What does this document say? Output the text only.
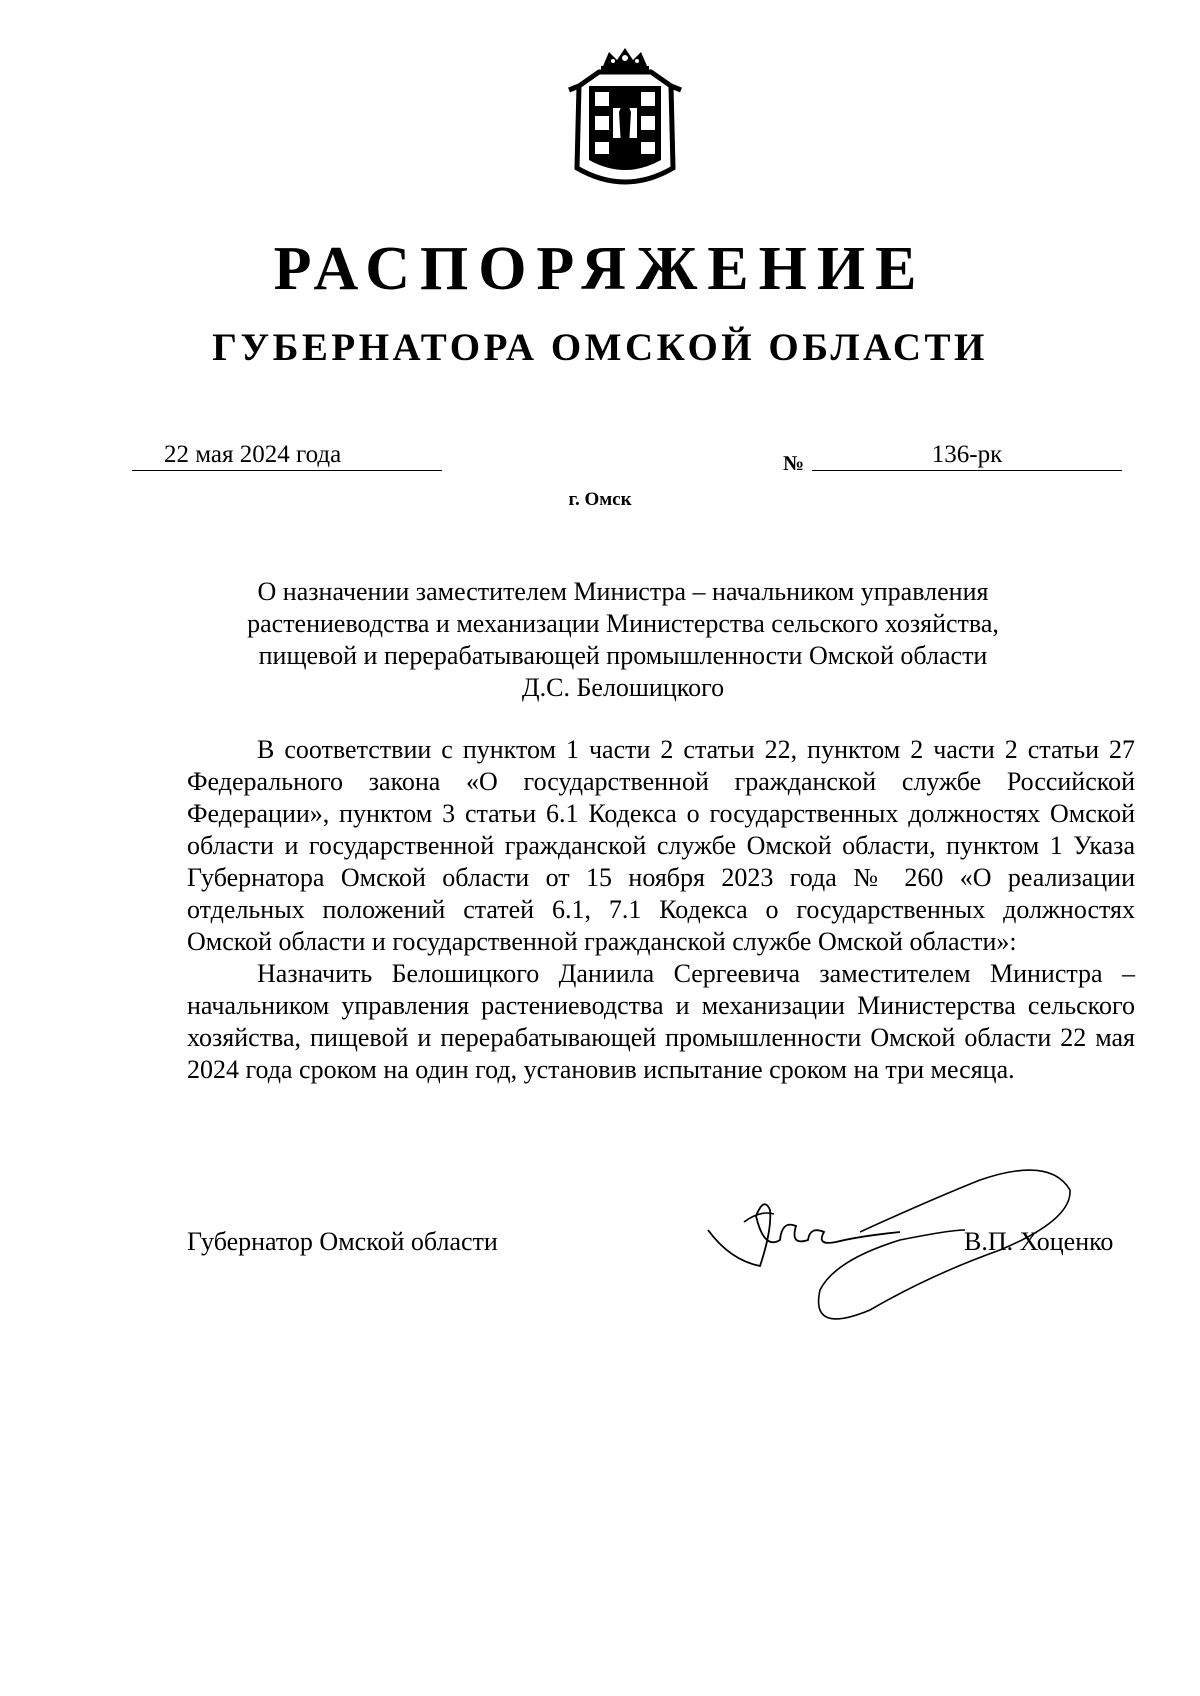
РАСПОРЯЖЕНИЕ
ГУБЕРНАТОРА ОМСКОЙ ОБЛАСТИ
22 мая 2024 года	№	136-рк
г. Омск
О назначении заместителем Министра – начальником управления
растениеводства и механизации Министерства сельского хозяйства,
пищевой и перерабатывающей промышленности Омской области
Д.С. Белошицкого

В соответствии с пунктом 1 части 2 статьи 22, пунктом 2 части 2 статьи 27 Федерального закона «О государственной гражданской службе Российской Федерации», пунктом 3 статьи 6.1 Кодекса о государственных должностях Омской области и государственной гражданской службе Омской области, пунктом 1 Указа Губернатора Омской области от 15 ноября 2023 года № 260 «О реализации отдельных положений статей 6.1, 7.1 Кодекса о государственных должностях Омской области и государственной гражданской службе Омской области»:

Назначить Белошицкого Даниила Сергеевича заместителем Министра – начальником управления растениеводства и механизации Министерства сельского хозяйства, пищевой и перерабатывающей промышленности Омской области 22 мая 2024 года сроком на один год, установив испытание сроком на три месяца.

Губернатор Омской области	В.П. Хоценко
